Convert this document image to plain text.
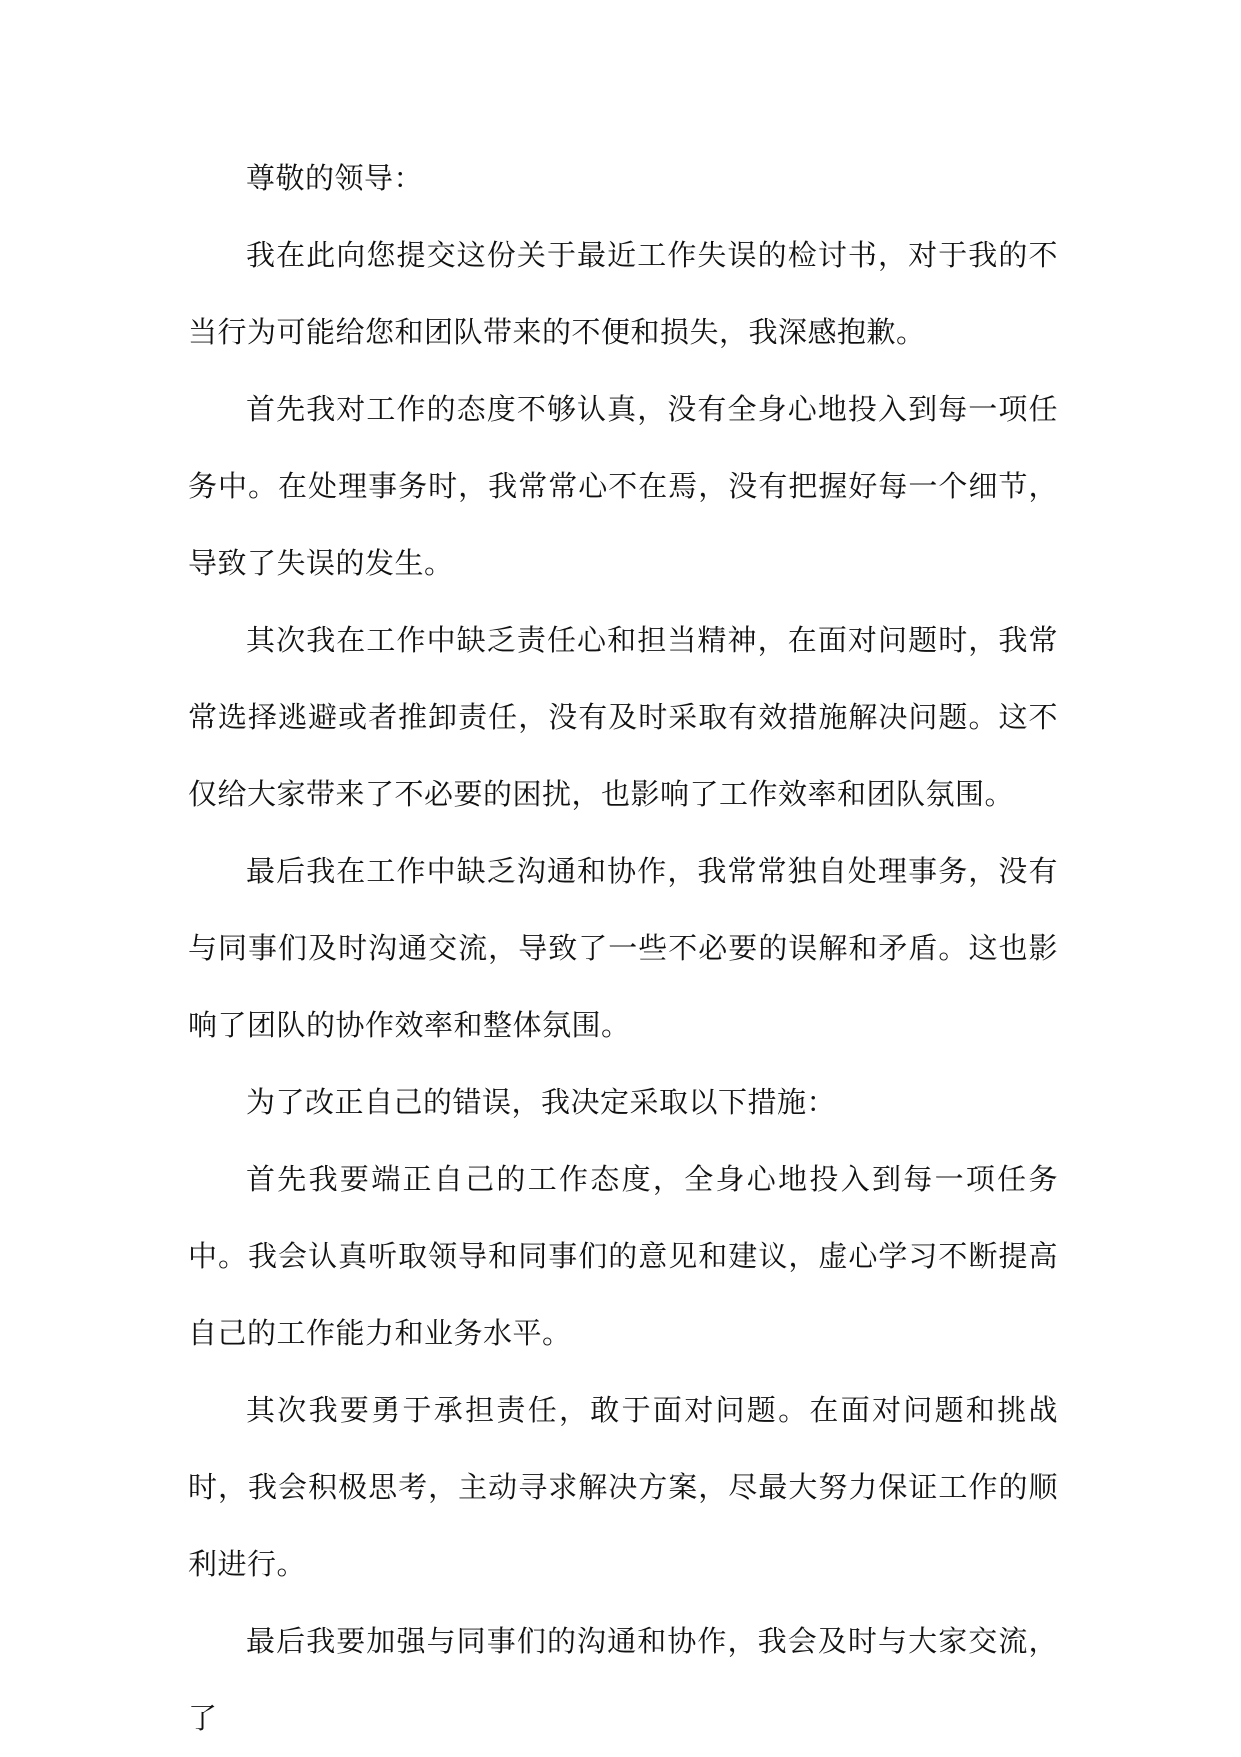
尊敬的领导：

我在此向您提交这份关于最近工作失误的检讨书，对于我的不当行为可能给您和团队带来的不便和损失，我深感抱歉。

首先我对工作的态度不够认真，没有全身心地投入到每一项任务中。在处理事务时，我常常心不在焉，没有把握好每一个细节，导致了失误的发生。

其次我在工作中缺乏责任心和担当精神，在面对问题时，我常常选择逃避或者推卸责任，没有及时采取有效措施解决问题。这不仅给大家带来了不必要的困扰，也影响了工作效率和团队氛围。

最后我在工作中缺乏沟通和协作，我常常独自处理事务，没有与同事们及时沟通交流，导致了一些不必要的误解和矛盾。这也影响了团队的协作效率和整体氛围。

为了改正自己的错误，我决定采取以下措施：

首先我要端正自己的工作态度，全身心地投入到每一项任务中。我会认真听取领导和同事们的意见和建议，虚心学习不断提高自己的工作能力和业务水平。

其次我要勇于承担责任，敢于面对问题。在面对问题和挑战时，我会积极思考，主动寻求解决方案，尽最大努力保证工作的顺利进行。

最后我要加强与同事们的沟通和协作，我会及时与大家交流，了
